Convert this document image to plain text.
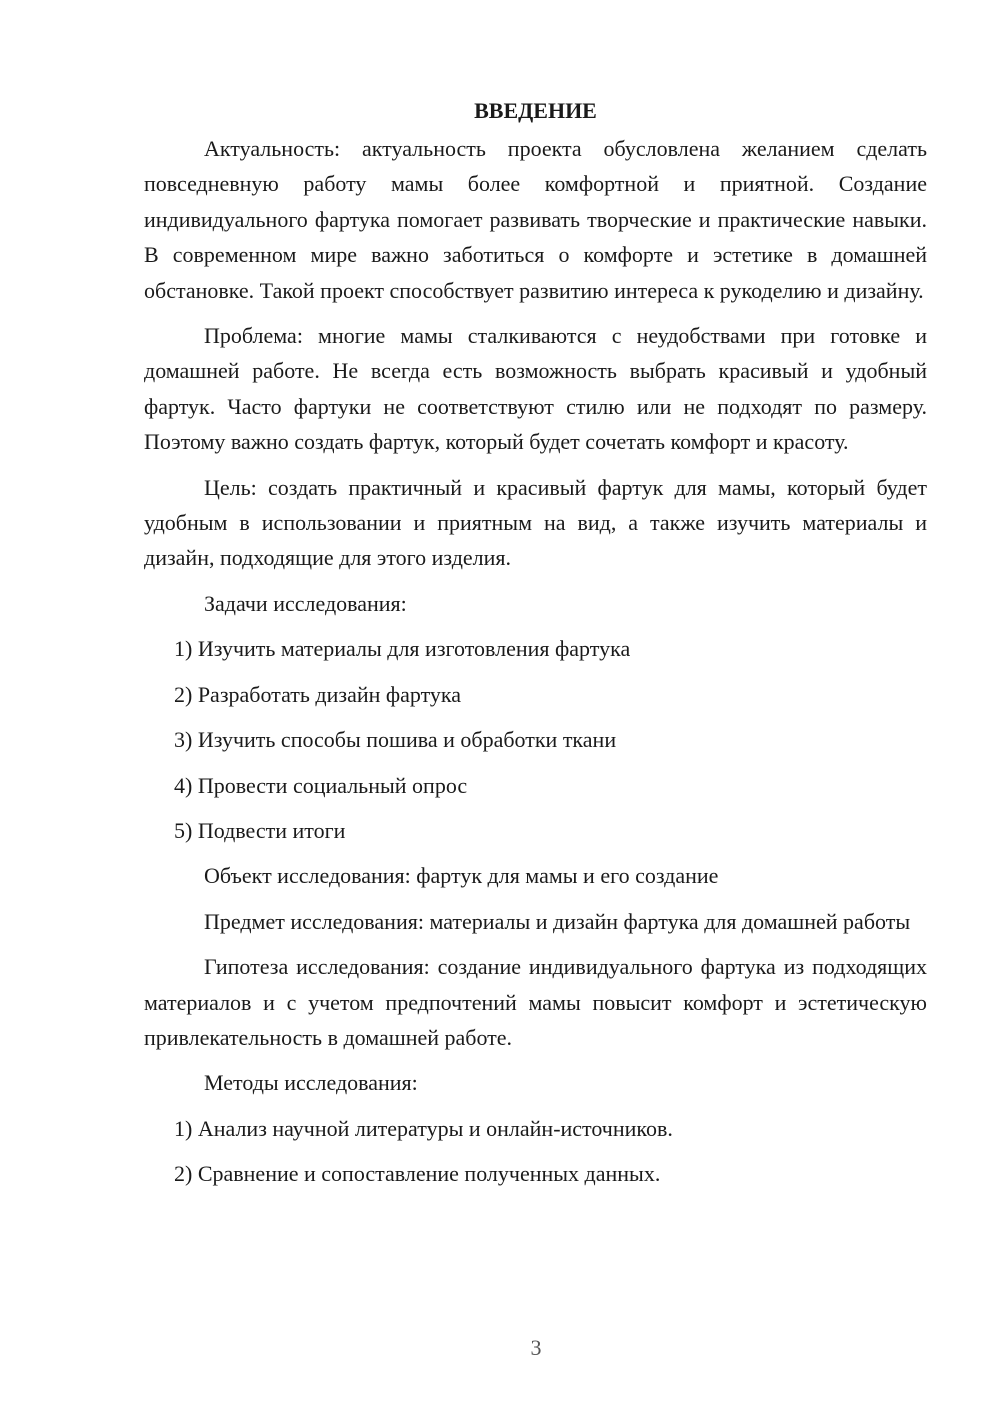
ВВЕДЕНИЕ

Актуальность: актуальность проекта обусловлена желанием сделать повседневную работу мамы более комфортной и приятной. Создание индивидуального фартука помогает развивать творческие и практические навыки. В современном мире важно заботиться о комфорте и эстетике в домашней обстановке. Такой проект способствует развитию интереса к рукоделию и дизайну.

Проблема: многие мамы сталкиваются с неудобствами при готовке и домашней работе. Не всегда есть возможность выбрать красивый и удобный фартук. Часто фартуки не соответствуют стилю или не подходят по размеру. Поэтому важно создать фартук, который будет сочетать комфорт и красоту.

Цель: создать практичный и красивый фартук для мамы, который будет удобным в использовании и приятным на вид, а также изучить материалы и дизайн, подходящие для этого изделия.

Задачи исследования:
1) Изучить материалы для изготовления фартука
2) Разработать дизайн фартука
3) Изучить способы пошива и обработки ткани
4) Провести социальный опрос
5) Подвести итоги

Объект исследования: фартук для мамы и его создание

Предмет исследования: материалы и дизайн фартука для домашней работы

Гипотеза исследования: создание индивидуального фартука из подходящих материалов и с учетом предпочтений мамы повысит комфорт и эстетическую привлекательность в домашней работе.

Методы исследования:
1) Анализ научной литературы и онлайн-источников.
2) Сравнение и сопоставление полученных данных.
3
